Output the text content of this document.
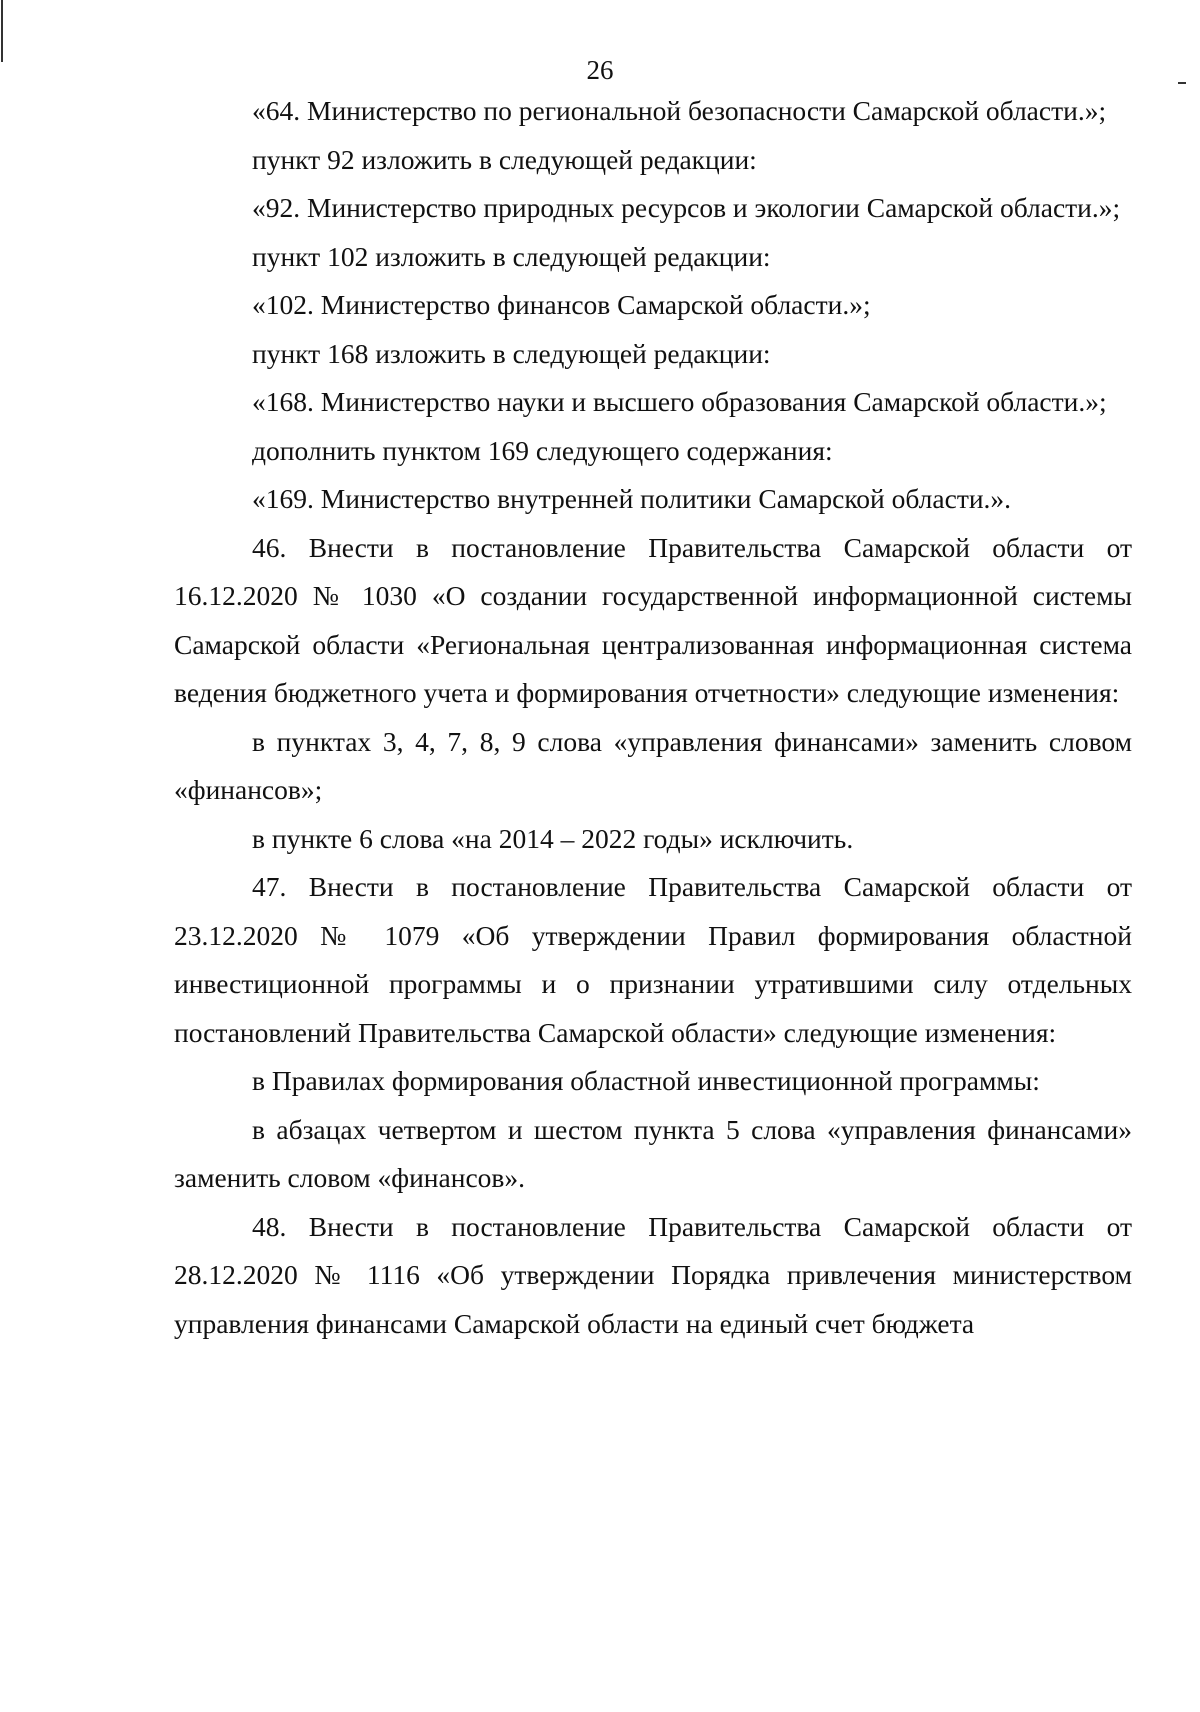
26

«64. Министерство по региональной безопасности Самарской области.»;

пункт 92 изложить в следующей редакции:

«92. Министерство природных ресурсов и экологии Самарской области.»;

пункт 102 изложить в следующей редакции:

«102. Министерство финансов Самарской области.»;

пункт 168 изложить в следующей редакции:

«168. Министерство науки и высшего образования Самарской области.»;

дополнить пунктом 169 следующего содержания:

«169. Министерство внутренней политики Самарской области.».

46. Внести в постановление Правительства Самарской области от 16.12.2020 № 1030 «О создании государственной информационной системы Самарской области «Региональная централизованная информационная система ведения бюджетного учета и формирования отчетности» следующие изменения:

в пунктах 3, 4, 7, 8, 9 слова «управления финансами» заменить словом «финансов»;

в пункте 6 слова «на 2014 – 2022 годы» исключить.

47. Внести в постановление Правительства Самарской области от 23.12.2020 № 1079 «Об утверждении Правил формирования областной инвестиционной программы и о признании утратившими силу отдельных постановлений Правительства Самарской области» следующие изменения:

в Правилах формирования областной инвестиционной программы:

в абзацах четвертом и шестом пункта 5 слова «управления финансами» заменить словом «финансов».

48. Внести в постановление Правительства Самарской области от 28.12.2020 № 1116 «Об утверждении Порядка привлечения министерством управления финансами Самарской области на единый счет бюджета
